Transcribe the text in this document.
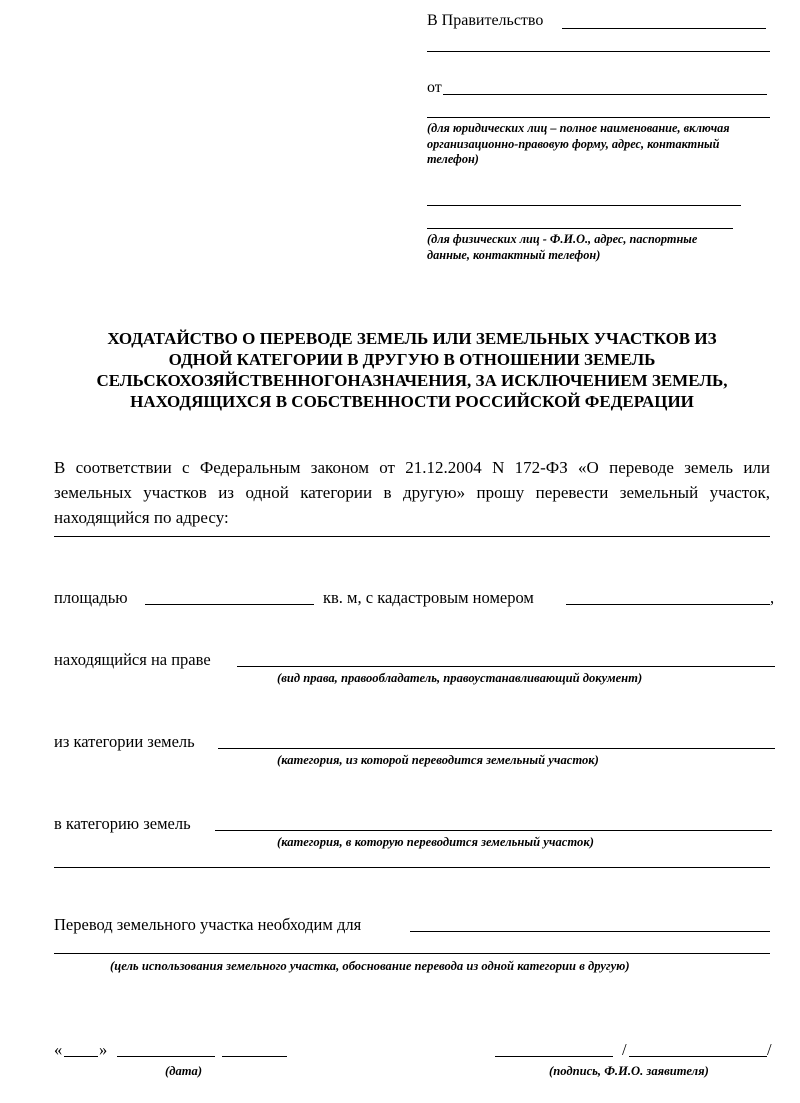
В Правительство
от
(для юридических лиц – полное наименование, включая
организационно-правовую форму, адрес, контактный
телефон)
(для физических лиц - Ф.И.О., адрес, паспортные
данные, контактный телефон)
ХОДАТАЙСТВО О ПЕРЕВОДЕ ЗЕМЕЛЬ ИЛИ ЗЕМЕЛЬНЫХ УЧАСТКОВ ИЗ
ОДНОЙ КАТЕГОРИИ В ДРУГУЮ В ОТНОШЕНИИ ЗЕМЕЛЬ
СЕЛЬСКОХОЗЯЙСТВЕННОГОНАЗНАЧЕНИЯ, ЗА ИСКЛЮЧЕНИЕМ ЗЕМЕЛЬ,
НАХОДЯЩИХСЯ В СОБСТВЕННОСТИ РОССИЙСКОЙ ФЕДЕРАЦИИ
В соответствии с Федеральным законом от 21.12.2004 N 172-ФЗ «О переводе земель или
земельных участков из одной категории в другую» прошу перевести земельный участок,
находящийся по адресу:
площадью	кв. м, с кадастровым номером	,
находящийся на праве
(вид права, правообладатель, правоустанавливающий документ)
из категории земель
(категория, из которой переводится земельный участок)
в категорию земель
(категория, в которую переводится земельный участок)
Перевод земельного участка необходим для
(цель использования земельного участка, обоснование перевода из одной категории в другую)
« »
(дата)
/	/
(подпись, Ф.И.О. заявителя)
